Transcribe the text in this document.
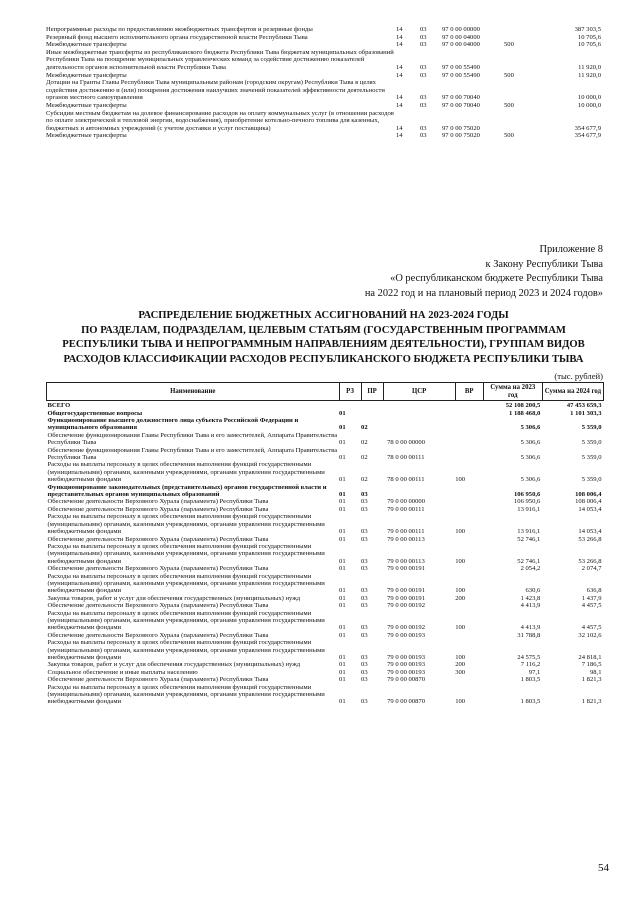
Непрограммные расходы по предоставлению межбюджетных трансфертов и резервные фонды	14	03	97 0 00 00000		387 303,5
Резервный фонд высшего исполнительного органа государственной власти Республики Тыва	14	03	97 0 00 04000		10 705,6
Межбюджетные трансферты	14	03	97 0 00 04000	500	10 705,6
Иные межбюджетные трансферты из республиканского бюджета Республики Тыва бюджетам муниципальных образований Республики Тыва на поощрение муниципальных управленческих команд за содействие достижению показателей деятельности органов исполнительной власти Республики Тыва	14	03	97 0 00 55490		11 920,0
Межбюджетные трансферты	14	03	97 0 00 55490	500	11 920,0
Дотации на Гранты Главы Республики Тыва муниципальным районам (городским округам) Республики Тыва в целях содействия достижению и (или) поощрения достижения наилучших значений показателей эффективности деятельности органов местного самоуправления	14	03	97 0 00 70040		10 000,0
Межбюджетные трансферты	14	03	97 0 00 70040	500	10 000,0
Субсидии местным бюджетам на долевое финансирование расходов на оплату коммунальных услуг (в отношении расходов по оплате электрической и тепловой энергии, водоснабжения), приобретение котельно-печного топлива для казенных, бюджетных и автономных учреждений (с учетом доставки и услуг поставщика)	14	03	97 0 00 75020		354 677,9
Межбюджетные трансферты	14	03	97 0 00 75020	500	354 677,9
Приложение 8
к Закону Республики Тыва
«О республиканском бюджете Республики Тыва
на 2022 год и на плановый период 2023 и 2024 годов»
РАСПРЕДЕЛЕНИЕ БЮДЖЕТНЫХ АССИГНОВАНИЙ НА 2023-2024 ГОДЫ
ПО РАЗДЕЛАМ, ПОДРАЗДЕЛАМ, ЦЕЛЕВЫМ СТАТЬЯМ (ГОСУДАРСТВЕННЫМ ПРОГРАММАМ
РЕСПУБЛИКИ ТЫВА И НЕПРОГРАММНЫМ НАПРАВЛЕНИЯМ ДЕЯТЕЛЬНОСТИ), ГРУППАМ ВИДОВ
РАСХОДОВ КЛАССИФИКАЦИИ РАСХОДОВ РЕСПУБЛИКАНСКОГО БЮДЖЕТА РЕСПУБЛИКИ ТЫВА
(тыс. рублей)
Наименование	РЗ	ПР	ЦСР	ВР	Сумма на 2023 год	Сумма на 2024 год
ВСЕГО					52 108 200,5	47 453 659,3
Общегосударственные вопросы	01				1 188 468,0	1 101 303,3
Функционирование высшего должностного лица субъекта Российской Федерации и муниципального образования	01	02			5 306,6	5 359,0
Обеспечение функционирования Главы Республики Тыва и его заместителей, Аппарата Правительства Республики Тыва	01	02	78 0 00 00000		5 306,6	5 359,0
Обеспечение функционирования Главы Республики Тыва и его заместителей, Аппарата Правительства Республики Тыва	01	02	78 0 00 00111		5 306,6	5 359,0
Расходы на выплаты персоналу в целях обеспечения выполнения функций государственными (муниципальными) органами, казенными учреждениями, органами управления государственными внебюджетными фондами	01	02	78 0 00 00111	100	5 306,6	5 359,0
Функционирование законодательных (представительных) органов государственной власти и представительных органов муниципальных образований	01	03			106 950,6	108 006,4
Обеспечение деятельности Верховного Хурала (парламента) Республики Тыва	01	03	79 0 00 00000		106 950,6	108 006,4
Обеспечение деятельности Верховного Хурала (парламента) Республики Тыва	01	03	79 0 00 00111		13 916,1	14 053,4
Расходы на выплаты персоналу в целях обеспечения выполнения функций государственными (муниципальными) органами, казенными учреждениями, органами управления государственными внебюджетными фондами	01	03	79 0 00 00111	100	13 916,1	14 053,4
Обеспечение деятельности Верховного Хурала (парламента) Республики Тыва	01	03	79 0 00 00113		52 746,1	53 266,8
Расходы на выплаты персоналу в целях обеспечения выполнения функций государственными (муниципальными) органами, казенными учреждениями, органами управления государственными внебюджетными фондами	01	03	79 0 00 00113	100	52 746,1	53 266,8
Обеспечение деятельности Верховного Хурала (парламента) Республики Тыва	01	03	79 0 00 00191		2 054,2	2 074,7
Расходы на выплаты персоналу в целях обеспечения выполнения функций государственными (муниципальными) органами, казенными учреждениями, органами управления государственными внебюджетными фондами	01	03	79 0 00 00191	100	630,6	636,8
Закупка товаров, работ и услуг для обеспечения государственных (муниципальных) нужд	01	03	79 0 00 00191	200	1 423,8	1 437,9
Обеспечение деятельности Верховного Хурала (парламента) Республики Тыва	01	03	79 0 00 00192		4 413,9	4 457,5
Расходы на выплаты персоналу в целях обеспечения выполнения функций государственными (муниципальными) органами, казенными учреждениями, органами управления государственными внебюджетными фондами	01	03	79 0 00 00192	100	4 413,9	4 457,5
Обеспечение деятельности Верховного Хурала (парламента) Республики Тыва	01	03	79 0 00 00193		31 788,8	32 102,6
Расходы на выплаты персоналу в целях обеспечения выполнения функций государственными (муниципальными) органами, казенными учреждениями, органами управления государственными внебюджетными фондами	01	03	79 0 00 00193	100	24 575,5	24 818,1
Закупка товаров, работ и услуг для обеспечения государственных (муниципальных) нужд	01	03	79 0 00 00193	200	7 116,2	7 186,5
Социальное обеспечение и иные выплаты населению	01	03	79 0 00 00193	300	97,1	98,1
Обеспечение деятельности Верховного Хурала (парламента) Республики Тыва	01	03	79 0 00 00870		1 803,5	1 821,3
Расходы на выплаты персоналу в целях обеспечения выполнения функций государственными (муниципальными) органами, казенными учреждениями, органами управления государственными внебюджетными фондами	01	03	79 0 00 00870	100	1 803,5	1 821,3
54
